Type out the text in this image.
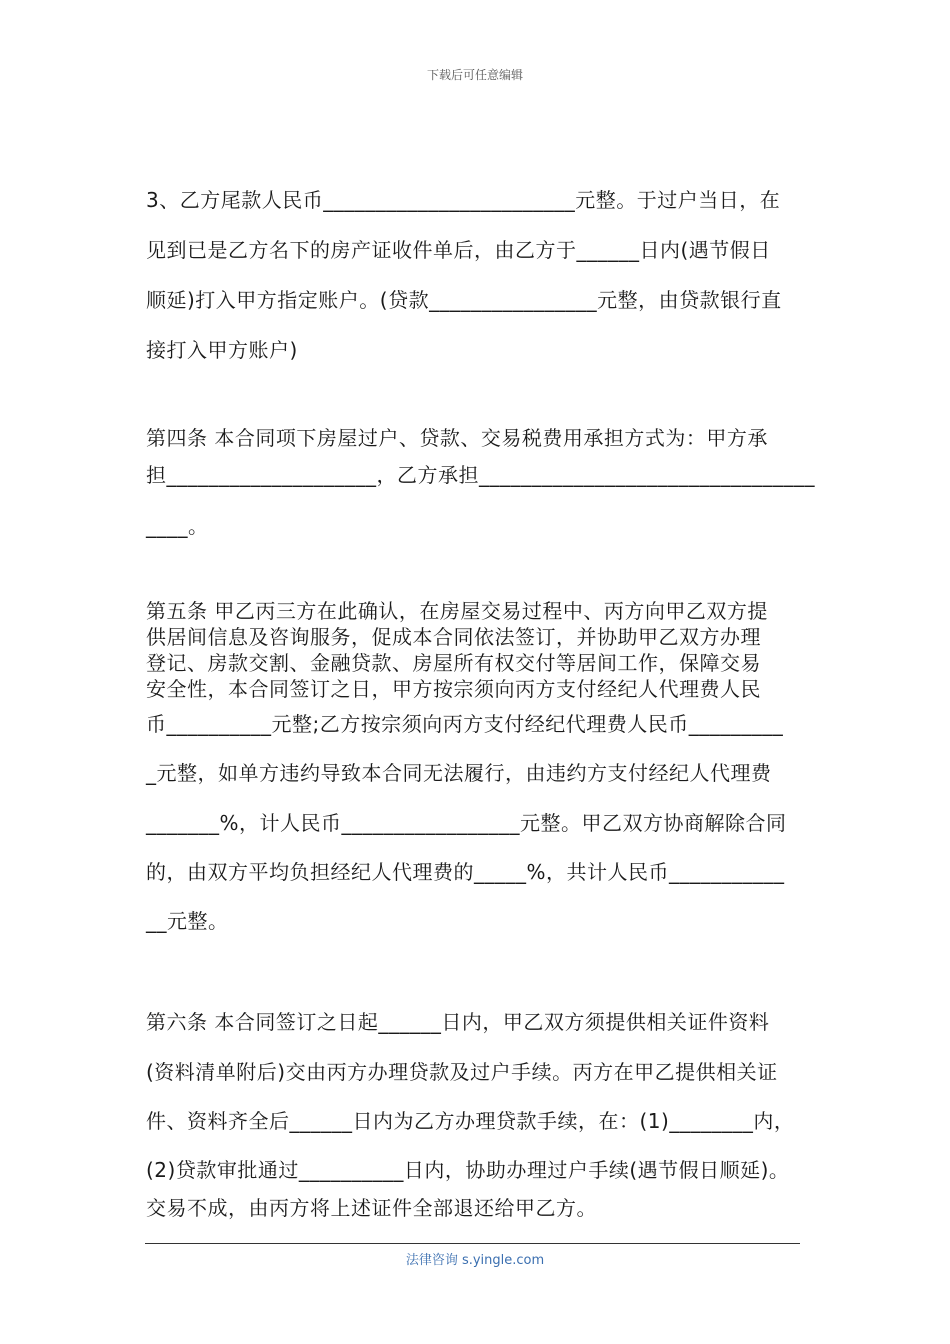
下载后可任意编辑
3、乙方尾款人民币________________________元整。于过户当日，在
见到已是乙方名下的房产证收件单后，由乙方于______日内(遇节假日
顺延)打入甲方指定账户。(贷款________________元整，由贷款银行直
接打入甲方账户)
第四条 本合同项下房屋过户、贷款、交易税费用承担方式为：甲方承
担____________________，乙方承担________________________________
____。
第五条 甲乙丙三方在此确认，在房屋交易过程中、丙方向甲乙双方提
供居间信息及咨询服务，促成本合同依法签订，并协助甲乙双方办理
登记、房款交割、金融贷款、房屋所有权交付等居间工作，保障交易
安全性，本合同签订之日，甲方按宗须向丙方支付经纪人代理费人民
币__________元整;乙方按宗须向丙方支付经纪代理费人民币_________
_元整，如单方违约导致本合同无法履行，由违约方支付经纪人代理费
_______%，计人民币_________________元整。甲乙双方协商解除合同
的，由双方平均负担经纪人代理费的_____%，共计人民币___________
__元整。
第六条 本合同签订之日起______日内，甲乙双方须提供相关证件资料
(资料清单附后)交由丙方办理贷款及过户手续。丙方在甲乙提供相关证
件、资料齐全后______日内为乙方办理贷款手续，在：(1)________内，
(2)贷款审批通过__________日内，协助办理过户手续(遇节假日顺延)。
交易不成，由丙方将上述证件全部退还给甲乙方。
法律咨询 s.yingle.com
